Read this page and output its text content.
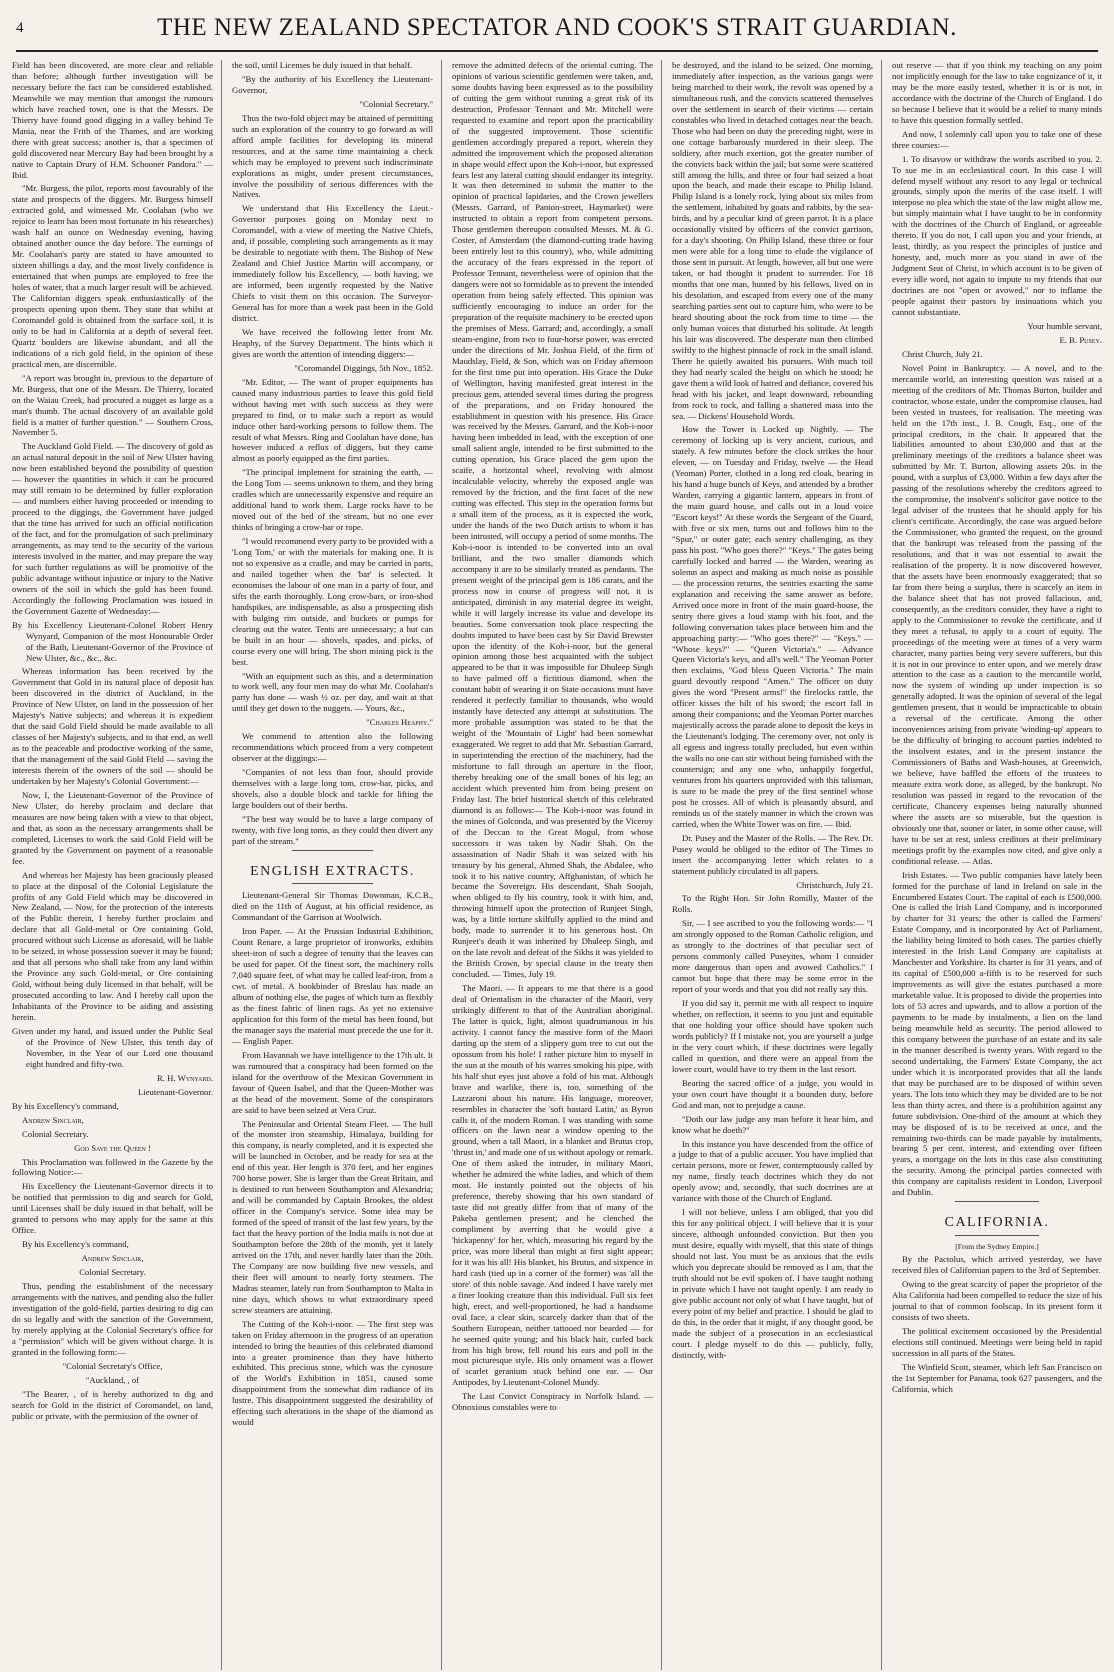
4	THE NEW ZEALAND SPECTATOR AND COOK'S STRAIT GUARDIAN.

Field has been discovered, are more clear and reliable than before; although further investigation will be necessary before the fact can be considered established. Meanwhile we may mention that amongst the rumours which have reached town, one is that the Messrs. De Thierry have found good digging in a valley behind Te Mania, near the Frith of the Thames, and are working there with great success; another is, that a specimen of gold discovered near Mercury Bay had been brought by a native to Captain Drury of H.M. Schooner Pandora." — Ibid.

"Mr. Burgess, the pilot, reports most favourably of the state and prospects of the diggers. Mr. Burgess himself extracted gold, and witnessed Mr. Coolahan (who we rejoice to learn has been most fortunate in his researches) wash half an ounce on Wednesday evening, having obtained another ounce the day before. The earnings of Mr. Coolahan's party are stated to have amounted to sixteen shillings a day, and the most lively confidence is entertained that when pumps are employed to free the holes of water, that a much larger result will be achieved. The Californian diggers speak enthusiastically of the prospects opening upon them. They state that whilst at Coromandel gold is obtained from the surface soil, it is only to be had in California at a depth of several feet. Quartz boulders are likewise abundant, and all the indications of a rich gold field, in the opinion of these practical men, are discernible.

"A report was brought in, previous to the departure of Mr. Burgess, that one of the Messrs. De Thierry, located on the Waiau Creek, had procured a nugget as large as a man's thumb. The actual discovery of an available gold field is a matter of further question." — Southern Cross, November 5.

The Auckland Gold Field. — The discovery of gold as an actual natural deposit in the soil of New Ulster having now been established beyond the possibility of question — however the quantities in which it can be procured may still remain to be determined by fuller exploration — and numbers either having proceeded or intending to proceed to the diggings, the Government have judged that the time has arrived for such an official notification of the fact, and for the promulgation of such preliminary arrangements, as may tend to the security of the various interests involved in the matter, and may prepare the way for such further regulations as will be promotive of the public advantage without injustice or injury to the Native owners of the soil in which the gold has been found. Accordingly the following Proclamation was issued in the Government Gazette of Wednesday:—

By his Excellency Lieutenant-Colonel Robert Henry Wynyard, Companion of the most Honourable Order of the Bath, Lieutenant-Governor of the Province of New Ulster, &c., &c., &c.

Whereas information has been received by the Government that Gold in its natural place of deposit has been discovered in the district of Auckland, in the Province of New Ulster, on land in the possession of her Majesty's Native subjects; and whereas it is expedient that the said Gold Field should be made available to all classes of her Majesty's subjects, and to that end, as well as to the peaceable and productive working of the same, that the management of the said Gold Field — saving the interests therein of the owners of the soil — should be undertaken by her Majesty's Colonial Government:—

Now, I, the Lieutenant-Governor of the Province of New Ulster, do hereby proclaim and declare that measures are now being taken with a view to that object, and that, as soon as the necessary arrangements shall be completed, Licenses to work the said Gold Field will be granted by the Government on payment of a reasonable fee.

And whereas her Majesty has been graciously pleased to place at the disposal of the Colonial Legislature the profits of any Gold Field which may be discovered in New Zealand, — Now, for the protection of the interests of the Public therein, I hereby further proclaim and declare that all Gold-metal or Ore containing Gold, procured without such License as aforesaid, will be liable to be seized, in whose possession soever it may be found; and that all persons who shall take from any land within the Province any such Gold-metal, or Ore containing Gold, without being duly licensed in that behalf, will be prosecuted according to law. And I hereby call upon the Inhabitants of the Province to be aiding and assisting herein.

Given under my hand, and issued under the Public Seal of the Province of New Ulster, this tenth day of November, in the Year of our Lord one thousand eight hundred and fifty-two.

R. H. Wynyard.

Lieutenant-Governor.

By his Excellency's command,

Andrew Sinclair,

Colonial Secretary.

God Save the Queen !

This Proclamation was followed in the Gazette by the following Notice:—

His Excellency the Lieutenant-Governor directs it to be notified that permission to dig and search for Gold, until Licenses shall be duly issued in that behalf, will be granted to persons who may apply for the same at this Office.

By his Excellency's command,

Andrew Sinclair,

Colonial Secretary.

Thus, pending the establishment of the necessary arrangements with the natives, and pending also the fuller investigation of the gold-field, parties desiring to dig can do so legally and with the sanction of the Government, by merely applying at the Colonial Secretary's office for a "permission" which will be given without charge. It is granted in the following form:—

"Colonial Secretary's Office,

"Auckland, , of

"The Bearer, , of is hereby authorized to dig and search for Gold in the district of Coromandel, on land, public or private, with the permission of the owner of

the soil, until Licenses be duly issued in that behalf.

"By the authority of his Excellency the Lieutenant-Governor,

"Colonial Secretary."

Thus the two-fold object may be attained of permitting such an exploration of the country to go forward as will afford ample facilities for developing its mineral resources, and at the same time maintaining a check which may be employed to prevent such indiscriminate explorations as might, under present circumstances, involve the possibility of serious differences with the Natives.

We understand that His Excellency the Lieut.-Governor purposes going on Monday next to Coromandel, with a view of meeting the Native Chiefs, and, if possible, completing such arrangements as it may be desirable to negotiate with them. The Bishop of New Zealand and Chief Justice Martin will accompany, or immediately follow his Excellency, — both having, we are informed, been urgently requested by the Native Chiefs to visit them on this occasion. The Surveyor-General has for more than a week past been in the Gold district.

We have received the following letter from Mr. Heaphy, of the Survey Department. The hints which it gives are worth the attention of intending diggers:—

"Coromandel Diggings, 5th Nov., 1852.

"Mr. Editor, — The want of proper equipments has caused many industrious parties to leave this gold field without having met with such success as they were prepared to find, or to make such a report as would induce other hard-working persons to follow them. The result of what Messrs. Ring and Coolahan have done, has however induced a reflux of diggers, but they came almost as poorly equipped as the first parties.

"The principal implement for straining the earth, — the Long Tom — seems unknown to them, and they bring cradles which are unnecessarily expensive and require an additional hand to work them. Large rocks have to be moved out of the bed of the stream, but no one ever thinks of bringing a crow-bar or rope.

"I would recommend every party to be provided with a 'Long Tom,' or with the materials for making one. It is not so expensive as a cradle, and may be carried in parts, and nailed together when the 'bar' is selected. It economises the labour of one man in a party of four, and sifts the earth thoroughly. Long crow-bars, or iron-shod handspikes, are indispensable, as also a prospecting dish with bulging rim outside, and buckets or pumps for clearing out the water. Tents are unnecessary; a hut can be built in an hour — shovels, spades, and picks, of course every one will bring. The short mining pick is the best.

"With an equipment such as this, and a determination to work well, any four men may do what Mr. Coolahan's party has done — wash ½ oz. per day, and wait at that until they get down to the nuggets. — Yours, &c.,

"Charles Heaphy."

We commend to attention also the following recommendations which proceed from a very competent observer at the diggings:—

"Companies of not less than four, should provide themselves with a large long tom, crow-bar, picks, and shovels, also a double block and tackle for lifting the large boulders out of their berths.

"The best way would be to have a large company of twenty, with five long toms, as they could then divert any part of the stream."

ENGLISH EXTRACTS.

Lieutenant-General Sir Thomas Downman, K.C.B., died on the 11th of August, at his official residence, as Commandant of the Garrison at Woolwich.

Iron Paper. — At the Prussian Industrial Exhibition, Count Renare, a large proprietor of ironworks, exhibits sheet-iron of such a degree of tenuity that the leaves can be used for paper. Of the finest sort, the machinery rolls 7,040 square feet, of what may be called leaf-iron, from a cwt. of metal. A bookbinder of Breslau has made an album of nothing else, the pages of which turn as flexibly as the finest fabric of linen rags. As yet no extensive application for this form of the metal has been found, but the manager says the material must precede the use for it. — English Paper.

From Havannah we have intelligence to the 17th ult. It was rumoured that a conspiracy had been formed on the island for the overthrow of the Mexican Government in favour of Queen Isabel, and that the Queen-Mother was at the head of the movement. Some of the conspirators are said to have been seized at Vera Cruz.

The Peninsular and Oriental Steam Fleet. — The hull of the monster iron steamship, Himalaya, building for this company, is nearly completed, and it is expected she will be launched in October, and be ready for sea at the end of this year. Her length is 370 feet, and her engines 700 horse power. She is larger than the Great Britain, and is destined to run between Southampton and Alexandria; and will be commanded by Captain Brookes, the oldest officer in the Company's service. Some idea may be formed of the speed of transit of the last few years, by the fact that the heavy portion of the India mails is not due at Southampton before the 28th of the month, yet it lately arrived on the 17th, and never hardly later than the 20th. The Company are now building five new vessels, and their fleet will amount to nearly forty steamers. The Madras steamer, lately run from Southampton to Malta in nine days, which shows to what extraordinary speed screw steamers are attaining.

The Cutting of the Koh-i-noor. — The first step was taken on Friday afternoon in the progress of an operation intended to bring the beauties of this celebrated diamond into a greater prominence than they have hitherto exhibited. This precious stone, which was the cynosure of the World's Exhibition in 1851, caused some disappointment from the somewhat dim radiance of its lustre. This disappointment suggested the desirability of effecting such alterations in the shape of the diamond as would

remove the admitted defects of the oriental cutting. The opinions of various scientific gentlemen were taken, and, some doubts having been expressed as to the possibility of cutting the gem without running a great risk of its destruction, Professor Tennant and Mr. Mitchell were requested to examine and report upon the practicability of the suggested improvement. Those scientific gentlemen accordingly prepared a report, wherein they admitted the improvement which the proposed alteration in shape would effect upon the Koh-i-noor, but expressed fears lest any lateral cutting should endanger its integrity. It was then determined to submit the matter to the opinion of practical lapidaries, and the Crown jewellers (Messrs. Garrard, of Panton-street, Haymarket) were instructed to obtain a report from competent persons. Those gentlemen thereupon consulted Messrs. M. & G. Coster, of Amsterdam (the diamond-cutting trade having been entirely lost to this country), who, while admitting the accuracy of the fears expressed in the report of Professor Tennant, nevertheless were of opinion that the dangers were not so formidable as to prevent the intended operation from being safely effected. This opinion was sufficiently encouraging to induce an order for the preparation of the requisite machinery to be erected upon the premises of Mess. Garrard; and, accordingly, a small steam-engine, from two to four-horse power, was erected under the directions of Mr. Joshua Field, of the firm of Maudslay, Field, & Son, which was on Friday afternoon for the first time put into operation. His Grace the Duke of Wellington, having manifested great interest in the precious gem, attended several times during the progress of the preparations, and on Friday honoured the establishment in question with his presence. His Grace was received by the Messrs. Garrard, and the Koh-i-noor having been imbedded in lead, with the exception of one small salient angle, intended to be first submitted to the cutting operation, his Grace placed the gem upon the scaife, a horizontal wheel, revolving with almost incalculable velocity, whereby the exposed angle was removed by the friction, and the first facet of the new cutting was effected. This step in the operation forms but a small item of the process, as it is expected the work, under the hands of the two Dutch artists to whom it has been intrusted, will occupy a period of some months. The Koh-i-noor is intended to be converted into an oval brilliant, and the two smaller diamonds which accompany it are to be similarly treated as pendants. The present weight of the principal gem is 186 carats, and the process now in course of progress will not, it is anticipated, diminish in any material degree its weight, while it will largely increase its value and develope its beauties. Some conversation took place respecting the doubts imputed to have been cast by Sir David Brewster upon the identity of the Koh-i-noor, but the general opinion among those best acquainted with the subject appeared to be that it was impossible for Dhuleep Singh to have palmed off a fictitious diamond, when the constant habit of wearing it on State occasions must have rendered it perfectly familiar to thousands, who would instantly have detected any attempt at substitution. The more probable assumption was stated to be that the weight of the 'Mountain of Light' had been somewhat exaggerated. We regret to add that Mr. Sebastian Garrard, in superintending the erection of the machinery, had the misfortune to fall through an aperture in the floor, thereby breaking one of the small bones of his leg; an accident which prevented him from being present on Friday last. The brief historical sketch of this celebrated diamond is as follows:— The Koh-i-noor was found in the mines of Golconda, and was presented by the Viceroy of the Deccan to the Great Mogul, from whose successors it was taken by Nadir Shah. On the assassination of Nadir Shah it was seized with his treasury by his general, Ahmed Shah, the Abdalee, who took it to his native country, Affghanistan, of which he became the Sovereign. His descendant, Shah Soojah, when obliged to fly his country, took it with him, and, throwing himself upon the protection of Runjeet Singh, was, by a little torture skilfully applied to the mind and body, made to surrender it to his generous host. On Runjeet's death it was inherited by Dhuleep Singh, and on the late revolt and defeat of the Sikhs it was yielded to the British Crown, by special clause in the treaty then concluded. — Times, July 19.

The Maori. — It appears to me that there is a good deal of Orientalism in the character of the Maori, very strikingly different to that of the Australian aboriginal. The latter is quick, light, almost quadrumanous in his activity. I cannot fancy the massive form of the Maori darting up the stem of a slippery gum tree to cut out the opossum from his hole! I rather picture him to myself in the sun at the mouth of his warres smoking his pipe, with his half shut eyes just above a fold of his mat. Although brave and warlike, there is, too, something of the Lazzaroni about his nature. His language, moreover, resembles in character the 'soft bastard Latin,' as Byron calls it, of the modern Roman. I was standing with some officers on the lawn near a window opening to the ground, when a tall Maori, in a blanket and Brutus crop, 'thrust in,' and made one of us without apology or remark. One of them asked the intruder, in military Maori, whether he admired the white ladies, and which of them most. He instantly pointed out the objects of his preference, thereby showing that his own standard of taste did not greatly differ from that of many of the Pakeha gentlemen present; and he clenched the compliment by averring that he would give a 'hickapenny' for her, which, measuring his regard by the price, was more liberal than might at first sight appear; for it was his all! His blanket, his Brutus, and sixpence in hard cash (tied up in a corner of the former) was 'all the store' of this noble savage. And indeed I have rarely met a finer looking creature than this individual. Full six feet high, erect, and well-proportioned, he had a handsome oval face, a clear skin, scarcely darker than that of the Southern European, neither tattooed nor bearded — for he seemed quite young; and his black hair, curled back from his high brow, fell round his ears and poll in the most picturesque style. His only ornament was a flower of scarlet geranium stuck behind one ear. — Our Antipodes, by Lieutenant-Colonel Mundy.

The Last Convict Conspiracy in Norfolk Island. — Obnoxious constables were to

be destroyed, and the island to be seized. One morning, immediately after inspection, as the various gangs were being marched to their work, the revolt was opened by a simultaneous rush, and the convicts scattered themselves over the settlement in search of their victims — certain constables who lived in detached cottages near the beach. Those who had been on duty the preceding night, were in one cottage barbarously murdered in their sleep. The soldiery, after much exertion, got the greater number of the convicts back within the jail; but some were scattered still among the hills, and three or four had seized a boat upon the beach, and made their escape to Philip Island. Philip Island is a lonely rock, lying about six miles from the settlement, inhabited by goats and rabbits, by the sea-birds, and by a peculiar kind of green parrot. It is a place occasionally visited by officers of the convict garrison, for a day's shooting. On Philip Island, these three or four men were able for a long time to elude the vigilance of those sent in pursuit. At length, however, all but one were taken, or had thought it prudent to surrender. For 18 months that one man, hunted by his fellows, lived on in his desolation, and escaped from every one of the many searching parties sent out to capture him, who were to be heard shouting about the rock from time to time — the only human voices that disturbed his solitude. At length his lair was discovered. The desperate man then climbed swiftly to the highest pinnacle of rock in the small island. There he quietly awaited his pursuers. With much toil they had nearly scaled the height on which he stood; he gave them a wild look of hatred and defiance, covered his head with his jacket, and leapt downward, rebounding from rock to rock, and falling a shattered mass into the sea. — Dickens' Household Words.

How the Tower is Locked up Nightly. — The ceremony of locking up is very ancient, curious, and stately. A few minutes before the clock strikes the hour eleven, — on Tuesday and Friday, twelve — the Head (Yeoman) Porter, clothed in a long red cloak, bearing in his hand a huge bunch of Keys, and attended by a brother Warden, carrying a gigantic lantern, appears in front of the main guard house, and calls out in a loud voice "Escort keys!" At these words the Sergeant of the Guard, with five or six men, turns out and follows him to the "Spur," or outer gate; each sentry challenging, as they pass his post. "Who goes there?" "Keys." The gates being carefully locked and barred — the Warden, wearing as solemn an aspect and making as much noise as possible — the procession returns, the sentries exacting the same explanation and receiving the same answer as before. Arrived once more in front of the main guard-house, the sentry there gives a loud stamp with his foot, and the following conversation takes place between him and the approaching party:— "Who goes there?" — "Keys." — "Whose keys?" — "Queen Victoria's." — Advance Queen Victoria's keys, and all's well." The Yeoman Porter then exclaims, "God bless Queen Victoria." The main guard devoutly respond "Amen." The officer on duty gives the word "Present arms!" the firelocks rattle, the officer kisses the hilt of his sword; the escort fall in among their companions; and the Yeoman Porter marches majestically across the parade alone to deposit the keys in the Lieutenant's lodging. The ceremony over, not only is all egress and ingress totally precluded, but even within the walls no one can stir without being furnished with the countersign; and any one who, unhappily forgetful, ventures from his quarters unprovided with this talisman, is sure to be made the prey of the first sentinel whose post he crosses. All of which is pleasantly absurd, and reminds us of the stately manner in which the crown was carried, when the White Tower was on fire. — Ibid.

Dr. Pusey and the Master of the Rolls. — The Rev. Dr. Pusey would be obliged to the editor of The Times to insert the accompanying letter which relates to a statement publicly circulated in all papers.

Christchurch, July 21.

To the Right Hon. Sir John Romilly, Master of the Rolls.

Sir, — I see ascribed to you the following words:— "I am strongly opposed to the Roman Catholic religion, and as strongly to the doctrines of that peculiar sect of persons commonly called Puseyites, whom I consider more dangerous than open and avowed Catholics." I cannot but hope that there may be some error in the report of your words and that you did not really say this.

If you did say it, permit me with all respect to inquire whether, on reflection, it seems to you just and equitable that one holding your office should have spoken such words publicly? If I mistake not, you are yourself a judge in the very court which, if these doctrines were legally called in question, and there were an appeal from the lower court, would have to try them in the last resort.

Bearing the sacred office of a judge, you would in your own court have thought it a bounden duty, before God and man, not to prejudge a cause.

"Doth our law judge any man before it hear him, and know what he doeth?"

In this instance you have descended from the office of a judge to that of a public accuser. You have implied that certain persons, more or fewer, contemptuously called by my name, firstly teach doctrines which they do not openly avow; and, secondly, that such doctrines are at variance with those of the Church of England.

I will not believe, unless I am obliged, that you did this for any political object. I will believe that it is your sincere, although unfounded conviction. But then you must desire, equally with myself, that this state of things should not last. You must be as anxious that the evils which you deprecate should be removed as I am, that the truth should not be evil spoken of. I have taught nothing in private which I have not taught openly. I am ready to give public account not only of what I have taught, but of every point of my belief and practice. I should be glad to do this, in the order that it might, if any thought good, be made the subject of a prosecution in an ecclesiastical court. I pledge myself to do this — publicly, fully, distinctly, with-

out reserve — that if you think my teaching on any point not implicitly enough for the law to take cognizance of it, it may be the more easily tested, whether it is or is not, in accordance with the doctrine of the Church of England. I do so because I believe that it would be a relief to many minds to have this question formally settled.

And now, I solemnly call upon you to take one of these three courses:—

1. To disavow or withdraw the words ascribed to you. 2. To sue me in an ecclesiastical court. In this case I will defend myself without any resort to any legal or technical grounds, simply upon the merits of the case itself. I will interpose no plea which the state of the law might allow me, but simply maintain what I have taught to be in conformity with the doctrines of the Church of England, or agreeable thereto. If you do not, I call upon you and your friends, at least, thirdly, as you respect the principles of justice and honesty, and, much more as you stand in awe of the Judgment Seat of Christ, in which account is to be given of every idle word, not again to impute to my friends that our doctrines are not "open or avowed," nor to inflame the people against their pastors by insinuations which you cannot substantiate.

Your humble servant,

E. B. Pusey.

Christ Church, July 21.

Novel Point in Bankruptcy. — A novel, and to the mercantile world, an interesting question was raised at a meeting of the creditors of Mr. Thomas Burton, builder and contractor, whose estate, under the compromise clauses, had been vested in trustees, for realisation. The meeting was held on the 17th inst., J. B. Cough, Esq., one of the principal creditors, in the chair. It appeared that the liabilities amounted to about £30,000 and that at the preliminary meetings of the creditors a balance sheet was submitted by Mr. T. Burton, allowing assets 20s. in the pound, with a surplus of £3,000. Within a few days after the passing of the resolutions whereby the creditors agreed to the compromise, the insolvent's solicitor gave notice to the legal adviser of the trustees that he should apply for his client's certificate. Accordingly, the case was argued before the Commissioner, who granted the request, on the ground that the bankrupt was released from the passing of the resolutions, and that it was not essential to await the realisation of the property. It is now discovered however, that the assets have been enormously exaggerated; that so far from there being a surplus, there is scarcely an item in the balance sheet that has not proved fallacious, and, consequently, as the creditors consider, they have a right to apply to the Commissioner to revoke the certificate, and if they meet a refusal, to apply to a court of equity. The proceedings of the meeting were at times of a very warm character, many parties being very severe sufferers, but this it is not in our province to enter upon, and we merely draw attention to the case as a caution to the mercantile world, now the system of winding up under inspection is so generally adopted. It was the opinion of several of the legal gentlemen present, that it would be impracticable to obtain a reversal of the certificate. Among the other inconveniences arising from private 'winding-up' appears to be the difficulty of bringing to account parties indebted to the insolvent estates, and in the present instance the Commissioners of Baths and Wash-houses, at Greenwich, we believe, have baffled the efforts of the trustees to measure extra work done, as alleged, by the bankrupt. No resolution was passed in regard to the revocation of the certificate, Chancery expenses being naturally shunned where the assets are so miserable, but the question is obviously one that, sooner or later, in some other cause, will have to be set at rest, unless creditors at their preliminary meetings profit by the examples now cited, and give only a conditional release. — Atlas.

Irish Estates. — Two public companies have lately been formed for the purchase of land in Ireland on sale in the Encumbered Estates Court. The capital of each is £500,000. One is called the Irish Land Company, and is incorporated by charter for 31 years; the other is called the Farmers' Estate Company, and is incorporated by Act of Parliament, the liability being limited to both cases. The parties chiefly interested in the Irish Land Company are capitalists at Manchester and Yorkshire. Its charter is for 31 years, and of its capital of £500,000 a-fifth is to be reserved for such improvements as will give the estates purchased a more marketable value. It is proposed to divide the properties into lots of 53 acres and upwards, and to allow a portion of the payments to be made by instalments, a lien on the land being meanwhile held as security. The period allowed to this company between the purchase of an estate and its sale in the manner described is twenty years. With regard to the second undertaking, the Farmers' Estate Company, the act under which it is incorporated provides that all the lands that may be purchased are to be disposed of within seven years. The lots into which they may be divided are to be not less than thirty acres, and there is a prohibition against any future subdivision. One-third of the amount at which they may be disposed of is to be received at once, and the remaining two-thirds can be made payable by instalments, bearing 5 per cent. interest, and extending over fifteen years, a mortgage on the lots in this case also constituting the security. Among the principal parties connected with this company are capitalists resident in London, Liverpool and Dublin.

CALIFORNIA.

[From the Sydney Empire.]

By the Pactolus, which arrived yesterday, we have received files of Californian papers to the 3rd of September.

Owing to the great scarcity of paper the proprietor of the Alta California had been compelled to reduce the size of his journal to that of common foolscap. In its present form it consists of two sheets.

The political excitement occasioned by the Presidential elections still continued. Meetings were being held in rapid succession in all parts of the States.

The Winfield Scott, steamer, which left San Francisco on the 1st September for Panama, took 627 passengers, and the California, which
